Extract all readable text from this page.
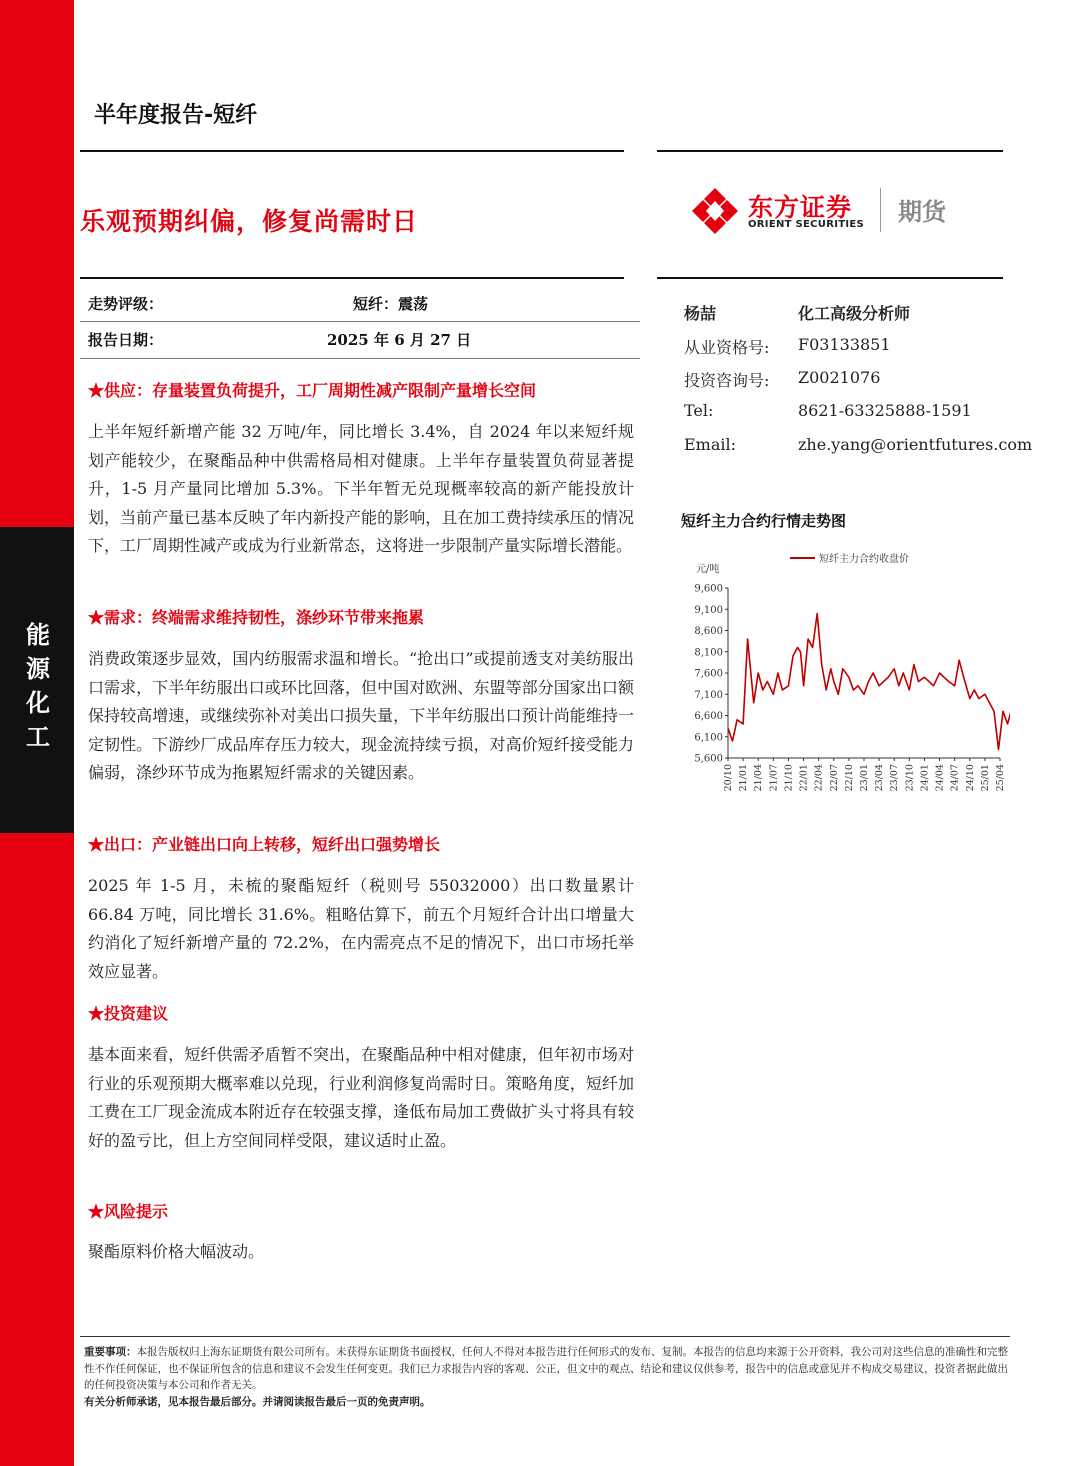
能
源
化
工
半年度报告-短纤
乐观预期纠偏，修复尚需时日	东方证券
ORIENT SECURITIES 期货
走势评级：	短纤：震荡
报告日期：	2025 年 6 月 27 日
杨喆	化工高级分析师
从业资格号: F03133851
投资咨询号: Z0021076
Tel:	8621-63325888-1591
Email:	zhe.yang@orientfutures.com
★供应：存量装置负荷提升，工厂周期性减产限制产量增长空间
上半年短纤新增产能 32 万吨/年，同比增长 3.4%，自 2024 年以来短纤规划产能较少，在聚酯品种中供需格局相对健康。上半年存量装置负荷显著提升，1-5 月产量同比增加 5.3%。下半年暂无兑现概率较高的新产能投放计划，当前产量已基本反映了年内新投产能的影响，且在加工费持续承压的情况下，工厂周期性减产或成为行业新常态，这将进一步限制产量实际增长潜能。
★需求：终端需求维持韧性，涤纱环节带来拖累
消费政策逐步显效，国内纺服需求温和增长。“抢出口”或提前透支对美纺服出口需求，下半年纺服出口或环比回落，但中国对欧洲、东盟等部分国家出口额保持较高增速，或继续弥补对美出口损失量，下半年纺服出口预计尚能维持一定韧性。下游纱厂成品库存压力较大，现金流持续亏损，对高价短纤接受能力偏弱，涤纱环节成为拖累短纤需求的关键因素。
★出口：产业链出口向上转移，短纤出口强势增长
2025 年 1-5 月，未梳的聚酯短纤（税则号 55032000）出口数量累计 66.84 万吨，同比增长 31.6%。粗略估算下，前五个月短纤合计出口增量大约消化了短纤新增产量的 72.2%，在内需亮点不足的情况下，出口市场托举效应显著。
★投资建议
基本面来看，短纤供需矛盾暂不突出，在聚酯品种中相对健康，但年初市场对行业的乐观预期大概率难以兑现，行业利润修复尚需时日。策略角度，短纤加工费在工厂现金流成本附近存在较强支撑，逢低布局加工费做扩头寸将具有较好的盈亏比，但上方空间同样受限，建议适时止盈。
★风险提示
聚酯原料价格大幅波动。
短纤主力合约行情走势图
元/吨
短纤主力合约收盘价
5,600
6,100
6,600
7,100
7,600
8,100
8,600
9,100
9,600
20/10 21/01 21/04 21/07 21/10 22/01 22/04 22/07 22/10 23/01 23/04 23/07 23/10 24/01 24/04 24/07 24/10 25/01 25/04
重要事项：本报告版权归上海东证期货有限公司所有。未获得东证期货书面授权，任何人不得对本报告进行任何形式的发布、复制。本报告的信息均来源于公开资料，我公司对这些信息的准确性和完整性不作任何保证，也不保证所包含的信息和建议不会发生任何变更。我们已力求报告内容的客观、公正，但文中的观点、结论和建议仅供参考，报告中的信息或意见并不构成交易建议，投资者据此做出的任何投资决策与本公司和作者无关。
有关分析师承诺，见本报告最后部分。并请阅读报告最后一页的免责声明。
